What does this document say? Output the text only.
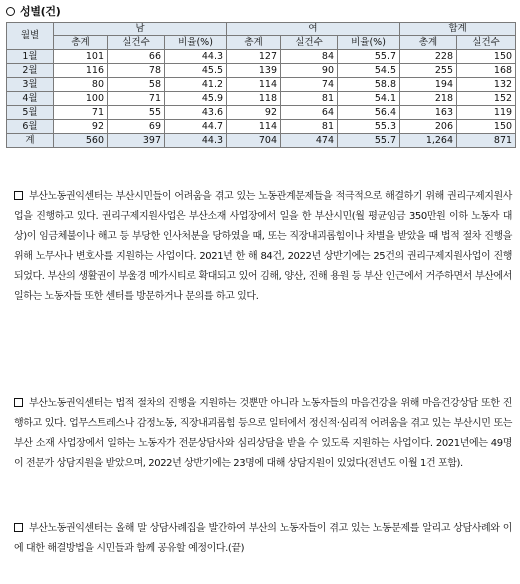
성별(건)
월별	남			여			합계	
	총계	실건수	비율(%)	총계	실건수	비율(%)	총계	실건수
1월	101	66	44.3	127	84	55.7	228	150
2월	116	78	45.5	139	90	54.5	255	168
3월	80	58	41.2	114	74	58.8	194	132
4월	100	71	45.9	118	81	54.1	218	152
5월	71	55	43.6	92	64	56.4	163	119
6월	92	69	44.7	114	81	55.3	206	150
계	560	397	44.3	704	474	55.7	1,264	871
부산노동권익센터는 부산시민들이 어려움을 겪고 있는 노동관계문제들을 적극적으로 해결하기 위해 권리구제지원사업을 진행하고 있다. 권리구제지원사업은 부산소재 사업장에서 일을 한 부산시민(월 평균임금 350만원 이하 노동자 대상)이 임금체불이나 해고 등 부당한 인사처분을 당하였을 때, 또는 직장내괴롭힘이나 차별을 받았을 때 법적 절차 진행을 위해 노무사나 변호사를 지원하는 사업이다. 2021년 한 해 84건, 2022년 상반기에는 25건의 권리구제지원사업이 진행되었다. 부산의 생활권이 부울경 메가시티로 확대되고 있어 김해, 양산, 진해 용원 등 부산 인근에서 거주하면서 부산에서 일하는 노동자들 또한 센터를 방문하거나 문의를 하고 있다.
부산노동권익센터는 법적 절차의 진행을 지원하는 것뿐만 아니라 노동자들의 마음건강을 위해 마음건강상담 또한 진행하고 있다. 업무스트레스나 감정노동, 직장내괴롭힘 등으로 일터에서 정신적·심리적 어려움을 겪고 있는 부산시민 또는 부산 소재 사업장에서 일하는 노동자가 전문상담사와 심리상담을 받을 수 있도록 지원하는 사업이다. 2021년에는 49명이 전문가 상담지원을 받았으며, 2022년 상반기에는 23명에 대해 상담지원이 있었다(전년도 이월 1건 포함).
부산노동권익센터는 올해 말 상담사례집을 발간하여 부산의 노동자들이 겪고 있는 노동문제를 알리고 상담사례와 이에 대한 해결방법을 시민들과 함께 공유할 예정이다.(끝)
